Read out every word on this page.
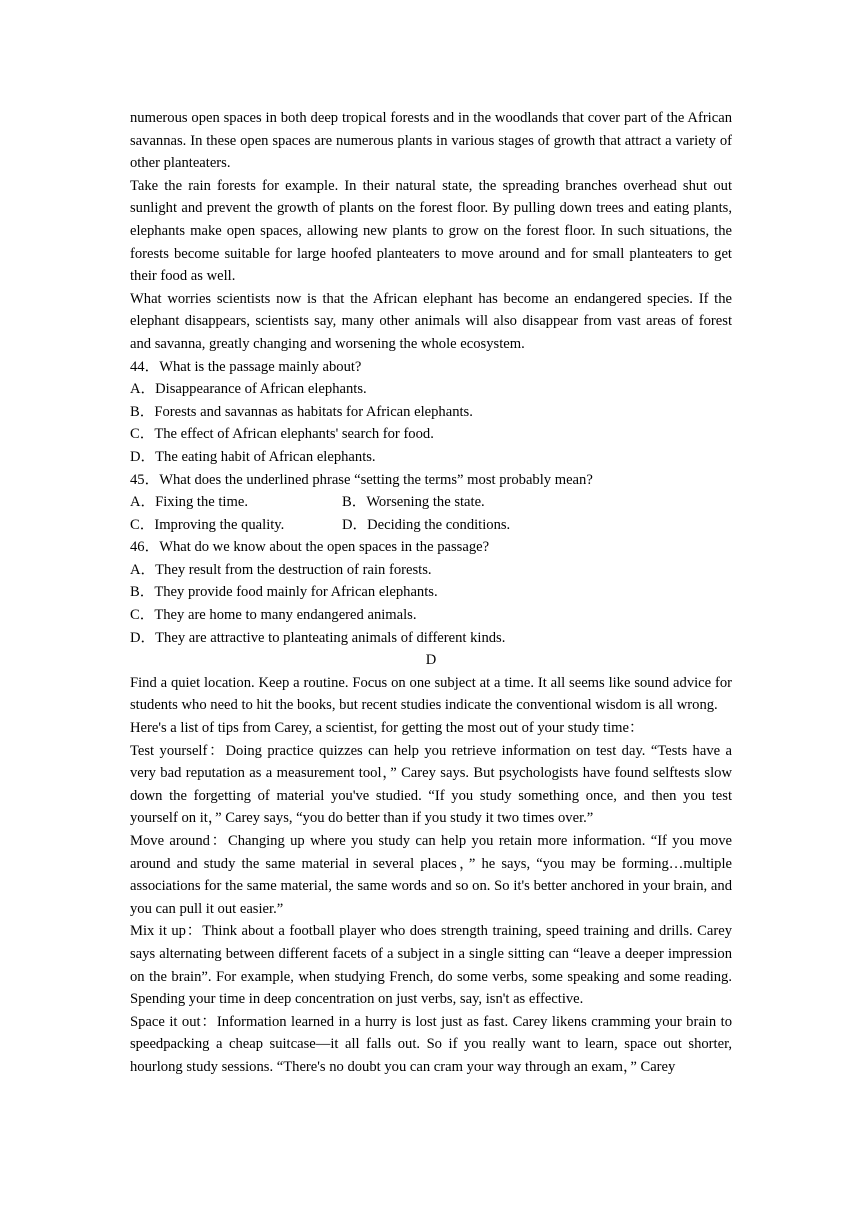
numerous open spaces in both deep tropical forests and in the woodlands that cover part of the African savannas. In these open spaces are numerous plants in various stages of growth that attract a variety of other planteaters.

Take the rain forests for example. In their natural state, the spreading branches overhead shut out sunlight and prevent the growth of plants on the forest floor. By pulling down trees and eating plants, elephants make open spaces, allowing new plants to grow on the forest floor. In such situations, the forests become suitable for large hoofed planteaters to move around and for small planteaters to get their food as well.

What worries scientists now is that the African elephant has become an endangered species. If the elephant disappears, scientists say, many other animals will also disappear from vast areas of forest and savanna, greatly changing and worsening the whole ecosystem.

44．What is the passage mainly about?

A．Disappearance of African elephants.

B．Forests and savannas as habitats for African elephants.

C．The effect of African elephants' search for food.

D．The eating habit of African elephants.

45．What does the underlined phrase “setting the terms” most probably mean?

A．Fixing the time.	B．Worsening the state.
C．Improving the quality.	D．Deciding the conditions.

46．What do we know about the open spaces in the passage?

A．They result from the destruction of rain forests.

B．They provide food mainly for African elephants.

C．They are home to many endangered animals.

D．They are attractive to planteating animals of different kinds.

D

Find a quiet location. Keep a routine. Focus on one subject at a time. It all seems like sound advice for students who need to hit the books, but recent studies indicate the conventional wisdom is all wrong.

Here's a list of tips from Carey, a scientist, for getting the most out of your study time：

Test yourself：Doing practice quizzes can help you retrieve information on test day. “Tests have a very bad reputation as a measurement tool，” Carey says. But psychologists have found selftests slow down the forgetting of material you've studied. “If you study something once, and then you test yourself on it，” Carey says, “you do better than if you study it two times over.”

Move around：Changing up where you study can help you retain more information. “If you move around and study the same material in several places，” he says, “you may be forming…multiple associations for the same material, the same words and so on. So it's better anchored in your brain, and you can pull it out easier.”

Mix it up：Think about a football player who does strength training, speed training and drills. Carey says alternating between different facets of a subject in a single sitting can “leave a deeper impression on the brain”. For example, when studying French, do some verbs, some speaking and some reading. Spending your time in deep concentration on just verbs, say, isn't as effective.

Space it out：Information learned in a hurry is lost just as fast. Carey likens cramming your brain to speedpacking a cheap suitcase—it all falls out. So if you really want to learn, space out shorter, hourlong study sessions. “There's no doubt you can cram your way through an exam，” Carey
